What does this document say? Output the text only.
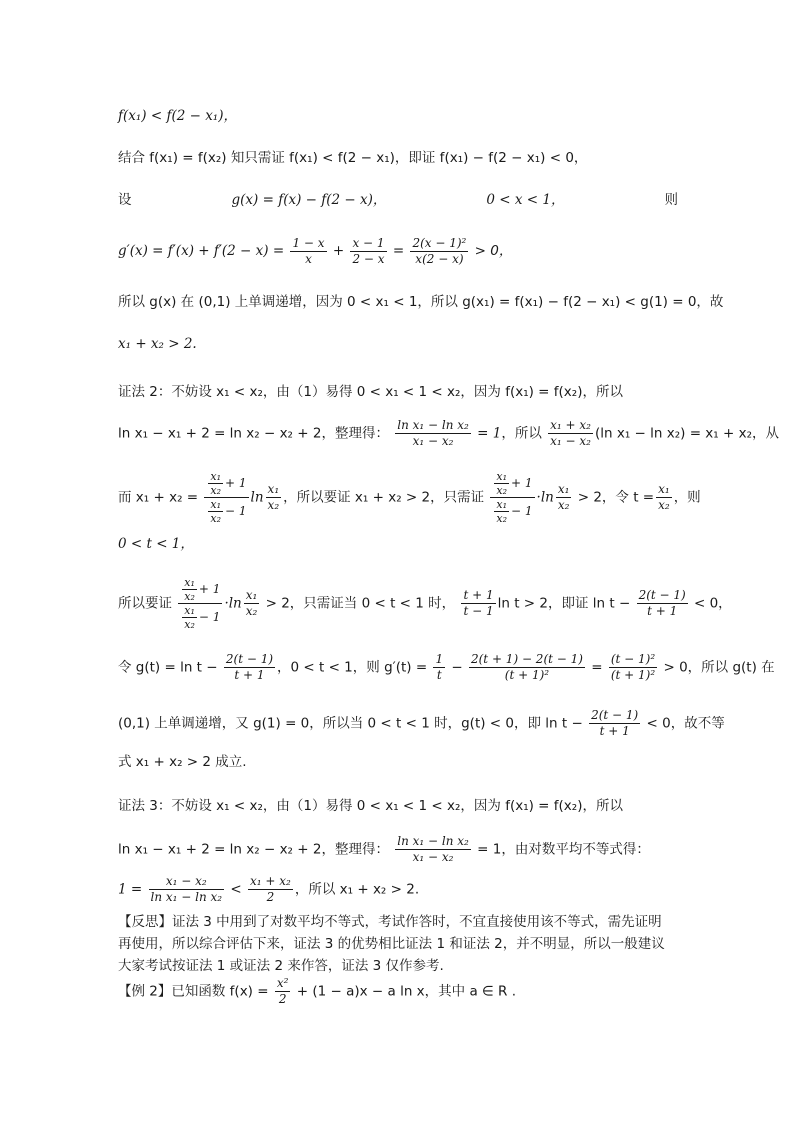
f(x₁) < f(2 − x₁)，
结合 f(x₁) = f(x₂) 知只需证 f(x₁) < f(2 − x₁)，即证 f(x₁) − f(2 − x₁) < 0，
设	g(x) = f(x) − f(2 − x)，	0 < x < 1，	则
$g'(x) = f'(x) + f'(2 - x) = \frac{1 - x}{x} + \frac{x - 1}{2 - x} = \frac{\text{2(x − 1)²}}{x(2 - x)} > 0$，
所以 g(x) 在 (0,1) 上单调递增，因为 0 < x₁ < 1，所以 g(x₁) = f(x₁) − f(2 − x₁) < g(1) = 0，故
x₁ + x₂ > 2.
证法 2：不妨设 x₁ < x₂，由（1）易得 0 < x₁ < 1 < x₂，因为 f(x₁) = f(x₂)，所以
ln x₁ − x₁ + 2 = ln x₂ − x₂ + 2，整理得： $\frac{\text{ln x₁ − ln x₂}}{\text{x₁ − x₂}} = 1$，所以 $\frac{\text{x₁ + x₂}}{\text{x₁ − x₂}} (\ln$ x₁ − ln x₂) = x₁ + x₂，从
而 $x_1 + x_2 = \frac{\frac{\text{x₁}}{\text{x₂}} + 1}{\frac{\text{x₁}}{\text{x₂}} - 1}$ $\ln \frac{\text{x₁}}{\text{x₂}}$ ，所以要证 x₁ + x₂ > 2，只需证 $\frac{\frac{\text{x₁}}{\text{x₂}} + 1}{\frac{\text{x₁}}{\text{x₂}} - 1} \cdot\ln \frac{\text{x₁}}{\text{x₂}} > 2$，令 $t = \frac{\text{x₁}}{\text{x₂}}$ ，则
0 < t < 1，
所以要证 $\frac{\frac{\text{x₁}}{\text{x₂}} + 1}{\frac{\text{x₁}}{\text{x₂}} - 1} \cdot\ln \frac{\text{x₁}}{\text{x₂}} > 2$，只需证当 0 < t < 1 时， $\frac{t + 1}{t - 1}$ ln t > 2，即证 $\ln t - \frac{2(t - 1)}{t + 1} < 0$，
令 $g(t) = \ln t - \frac{2(t - 1)}{t + 1}$ ，0 < t < 1，则 $g'(t) = \frac{1}{t} - \frac{2(t + 1) - 2(t - 1)}{\text{(t + 1)²}} = \frac{\text{(t − 1)²}}{\text{(t + 1)²}} > 0$，所以 g(t) 在
(0,1) 上单调递增，又 g(1) = 0，所以当 0 < t < 1 时，g(t) < 0，即 $\ln t - \frac{2(t - 1)}{t + 1} < 0$，故不等
式 x₁ + x₂ > 2 成立.
证法 3：不妨设 x₁ < x₂，由（1）易得 0 < x₁ < 1 < x₂，因为 f(x₁) = f(x₂)，所以
ln x₁ − x₁ + 2 = ln x₂ − x₂ + 2，整理得： $\frac{\text{ln x₁ − ln x₂}}{\text{x₁ − x₂}} = 1$，由对数平均不等式得：
$1 = \frac{\text{x₁ − x₂}}{\text{ln x₁ − ln x₂}} < \frac{\text{x₁ + x₂}}{2}$ ，所以 x₁ + x₂ > 2.
【反思】证法 3 中用到了对数平均不等式，考试作答时，不宜直接使用该不等式，需先证明
再使用，所以综合评估下来，证法 3 的优势相比证法 1 和证法 2，并不明显，所以一般建议
大家考试按证法 1 或证法 2 来作答，证法 3 仅作参考.
【例 2】已知函数 $f(x) = \frac{\text{x²}}{2} + (1 - a)x - a$ ln x，其中 a ∈ R .
